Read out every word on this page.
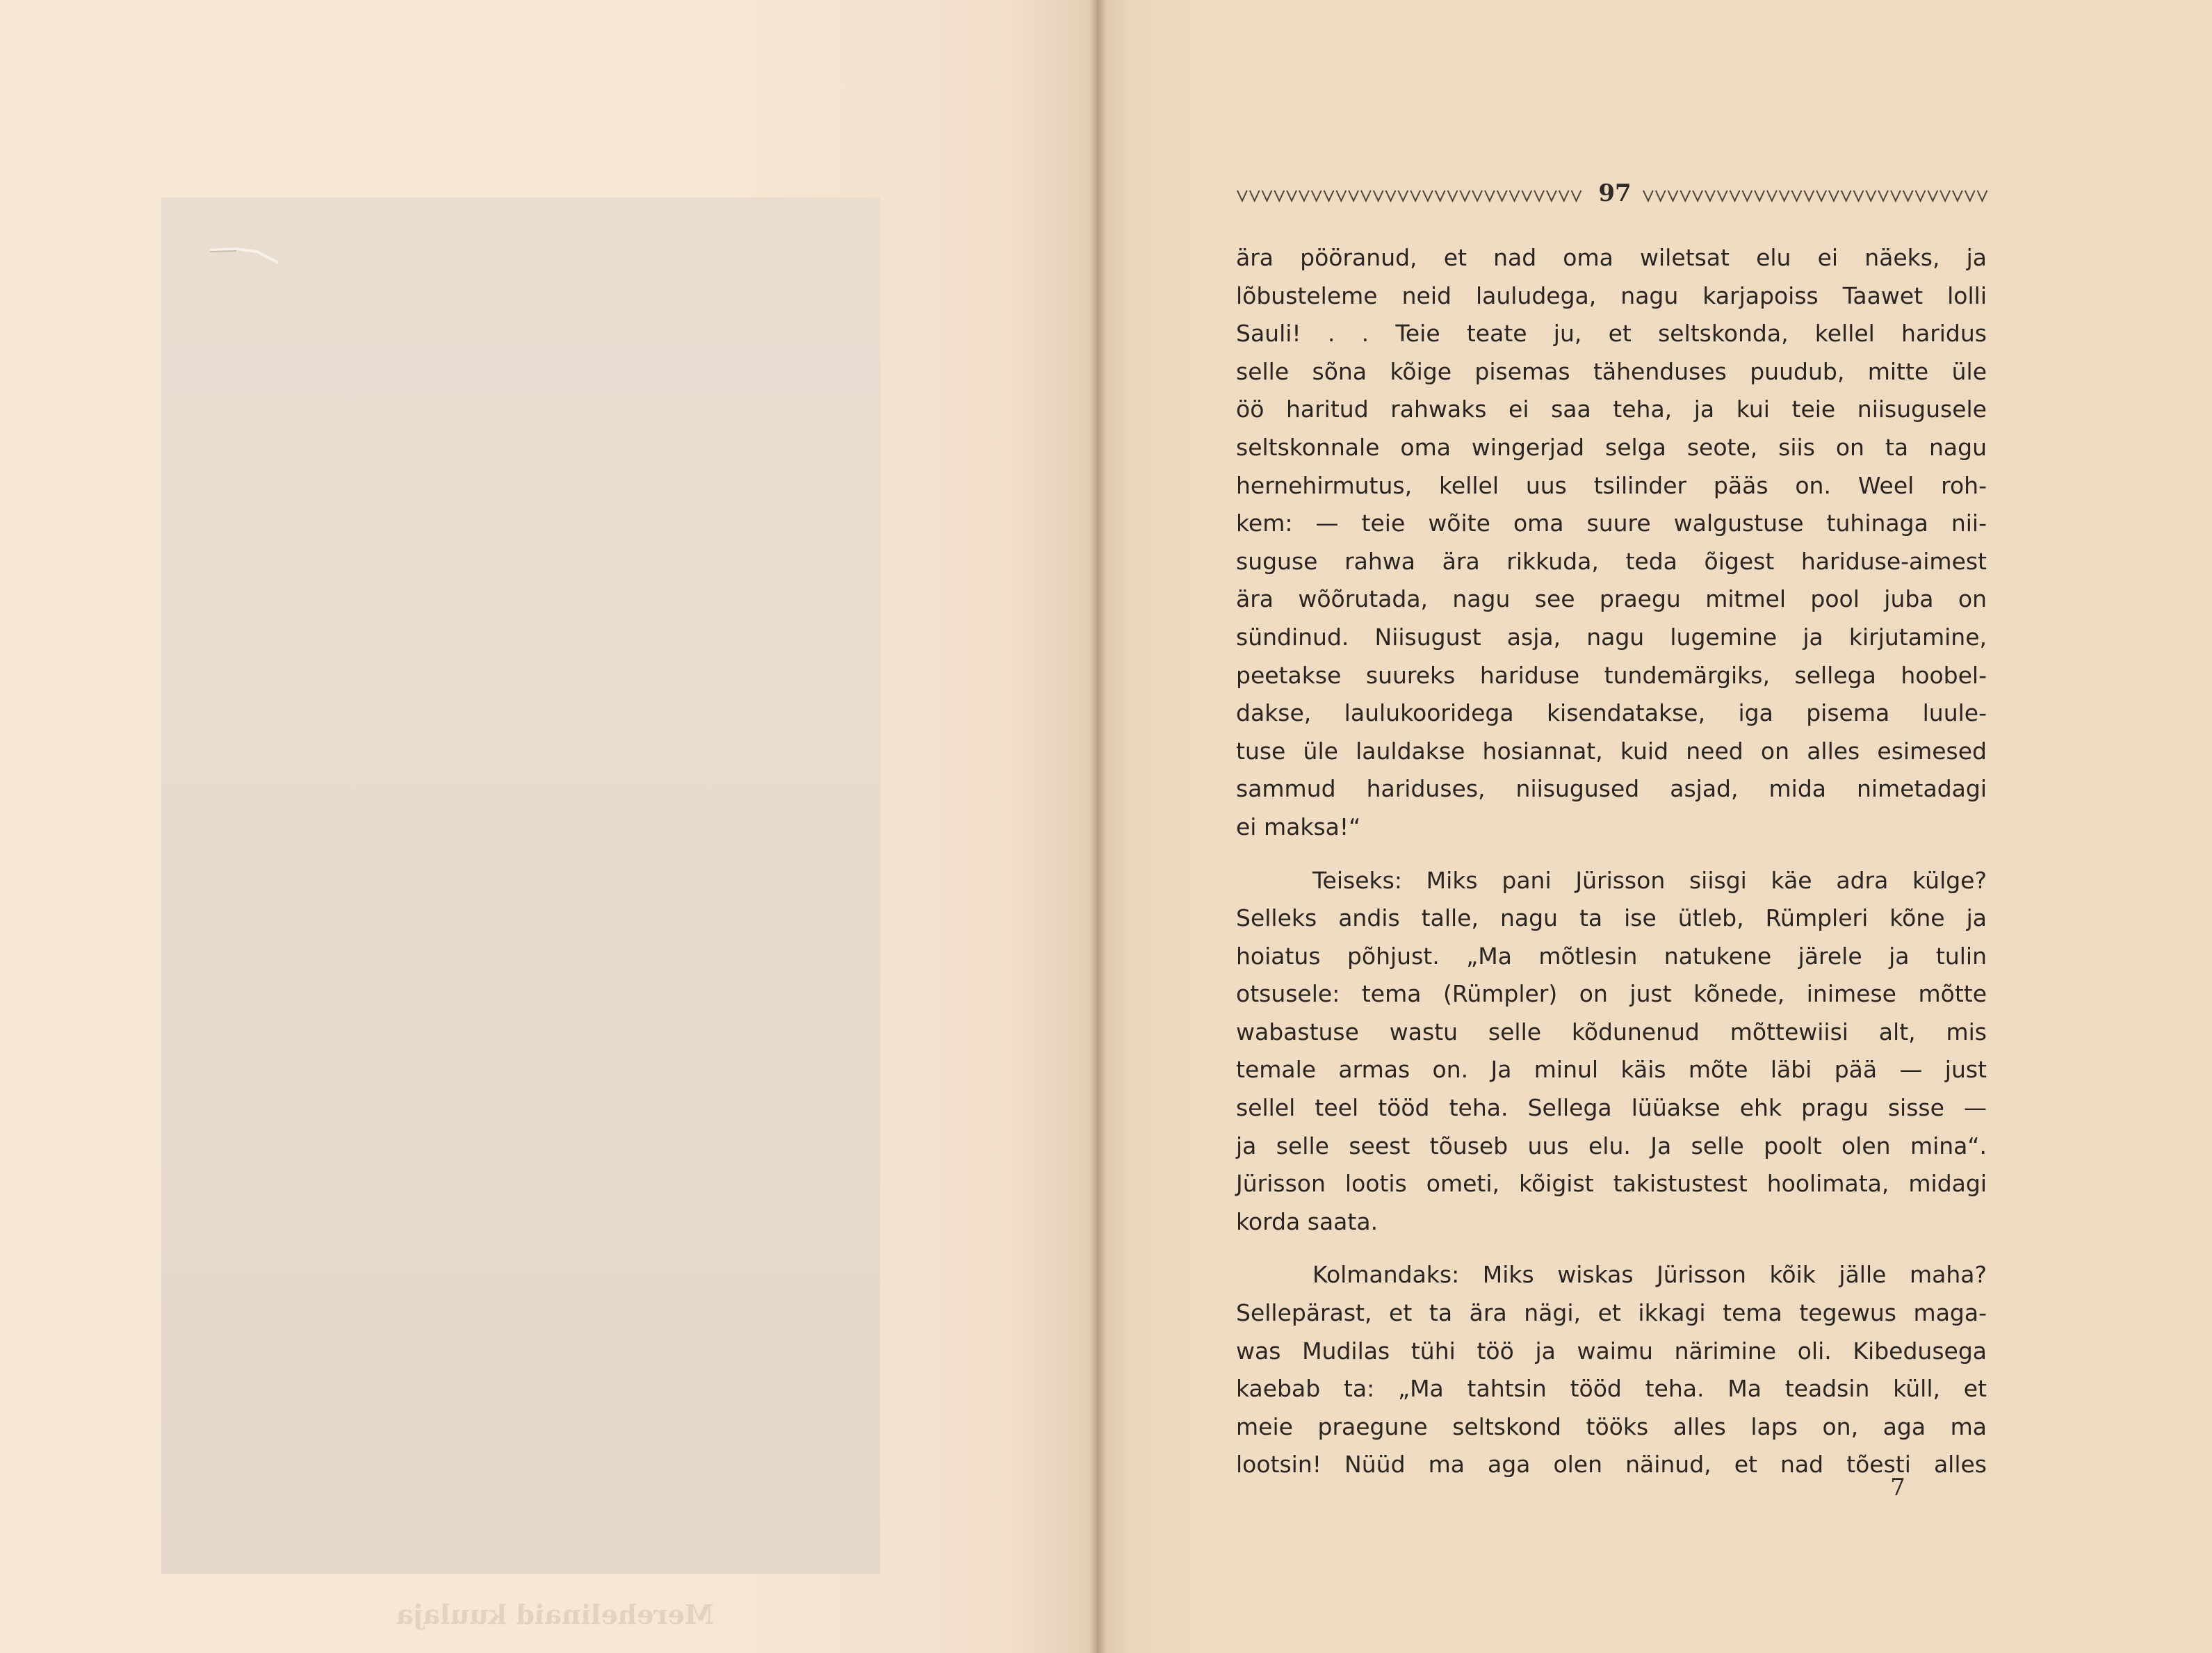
Merehelinaid kuulaja
97
ära pööranud, et nad oma wiletsat elu ei näeks, ja
lõbusteleme neid lauludega, nagu karjapoiss Taawet lolli
Sauli! . . Teie teate ju, et seltskonda, kellel haridus
selle sõna kõige pisemas tähenduses puudub, mitte üle
öö haritud rahwaks ei saa teha, ja kui teie niisugusele
seltskonnale oma wingerjad selga seote, siis on ta nagu
hernehirmutus, kellel uus tsilinder pääs on. Weel roh-
kem: — teie wõite oma suure walgustuse tuhinaga nii-
suguse rahwa ära rikkuda, teda õigest hariduse-aimest
ära wõõrutada, nagu see praegu mitmel pool juba on
sündinud. Niisugust asja, nagu lugemine ja kirjutamine,
peetakse suureks hariduse tundemärgiks, sellega hoobel-
dakse, laulukooridega kisendatakse, iga pisema luule-
tuse üle lauldakse hosiannat, kuid need on alles esimesed
sammud hariduses, niisugused asjad, mida nimetadagi
ei maksa!“
Teiseks: Miks pani Jürisson siisgi käe adra külge?
Selleks andis talle, nagu ta ise ütleb, Rümpleri kõne ja
hoiatus põhjust. „Ma mõtlesin natukene järele ja tulin
otsusele: tema (Rümpler) on just kõnede, inimese mõtte
wabastuse wastu selle kõdunenud mõttewiisi alt, mis
temale armas on. Ja minul käis mõte läbi pää — just
sellel teel tööd teha. Sellega lüüakse ehk pragu sisse —
ja selle seest tõuseb uus elu. Ja selle poolt olen mina“.
Jürisson lootis ometi, kõigist takistustest hoolimata, midagi
korda saata.
Kolmandaks: Miks wiskas Jürisson kõik jälle maha?
Sellepärast, et ta ära nägi, et ikkagi tema tegewus maga-
was Mudilas tühi töö ja waimu närimine oli. Kibedusega
kaebab ta: „Ma tahtsin tööd teha. Ma teadsin küll, et
meie praegune seltskond tööks alles laps on, aga ma
lootsin! Nüüd ma aga olen näinud, et nad tõesti alles
7
